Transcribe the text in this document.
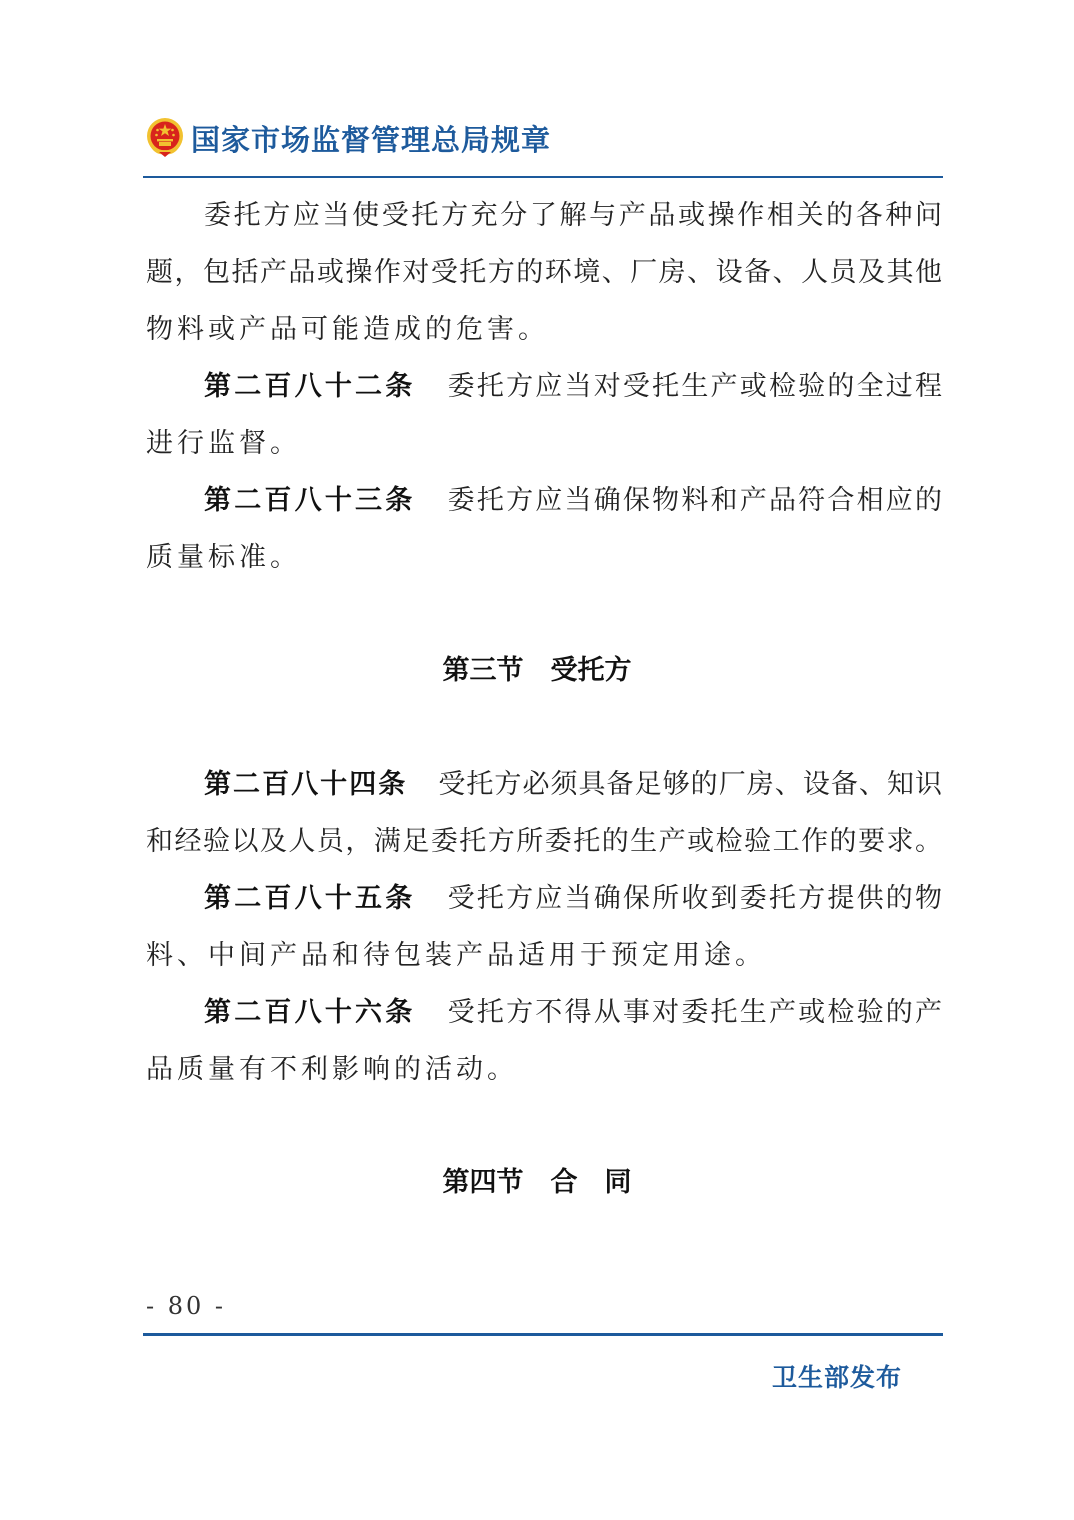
国家市场监督管理总局规章
委托方应当使受托方充分了解与产品或操作相关的各种问
题，包括产品或操作对受托方的环境、厂房、设备、人员及其他
物料或产品可能造成的危害。
第二百八十二条 委托方应当对受托生产或检验的全过程
进行监督。
第二百八十三条 委托方应当确保物料和产品符合相应的
质量标准。
第三节　受托方
第二百八十四条 受托方必须具备足够的厂房、设备、知识
和经验以及人员，满足委托方所委托的生产或检验工作的要求。
第二百八十五条 受托方应当确保所收到委托方提供的物
料、中间产品和待包装产品适用于预定用途。
第二百八十六条 受托方不得从事对委托生产或检验的产
品质量有不利影响的活动。
第四节　合　同
- 80 -
卫生部发布
